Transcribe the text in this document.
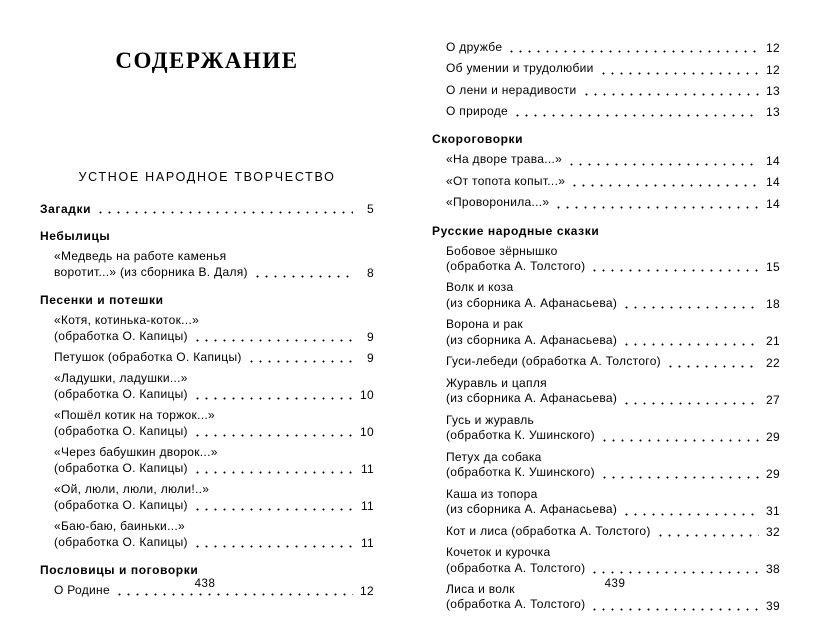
СОДЕРЖАНИЕ
УСТНОЕ НАРОДНОЕ ТВОРЧЕСТВО
Загадки	5
Небылицы
«Медведь на работе каменья
воротит...» (из сборника В. Даля)	8
Песенки и потешки
«Котя, котинька-коток...»
(обработка О. Капицы)	9
Петушок (обработка О. Капицы)	9
«Ладушки, ладушки...»
(обработка О. Капицы)	10
«Пошёл котик на торжок...»
(обработка О. Капицы)	10
«Через бабушкин дворок...»
(обработка О. Капицы)	11
«Ой, люли, люли, люли!..»
(обработка О. Капицы)	11
«Баю-баю, баиньки...»
(обработка О. Капицы)	11
Пословицы и поговорки
О Родине	12
438
О дружбе	12
Об умении и трудолюбии	12
О лени и нерадивости	13
О природе	13
Скороговорки
«На дворе трава...»	14
«От топота копыт...»	14
«Проворонила...»	14
Русские народные сказки
Бобовое зёрнышко
(обработка А. Толстого)	15
Волк и коза
(из сборника А. Афанасьева)	18
Ворона и рак
(из сборника А. Афанасьева)	21
Гуси-лебеди (обработка А. Толстого)	22
Журавль и цапля
(из сборника А. Афанасьева)	27
Гусь и журавль
(обработка К. Ушинского)	29
Петух да собака
(обработка К. Ушинского)	29
Каша из топора
(из сборника А. Афанасьева)	31
Кот и лиса (обработка А. Толстого)	32
Кочеток и курочка
(обработка А. Толстого)	38
Лиса и волк
(обработка А. Толстого)	39
439
